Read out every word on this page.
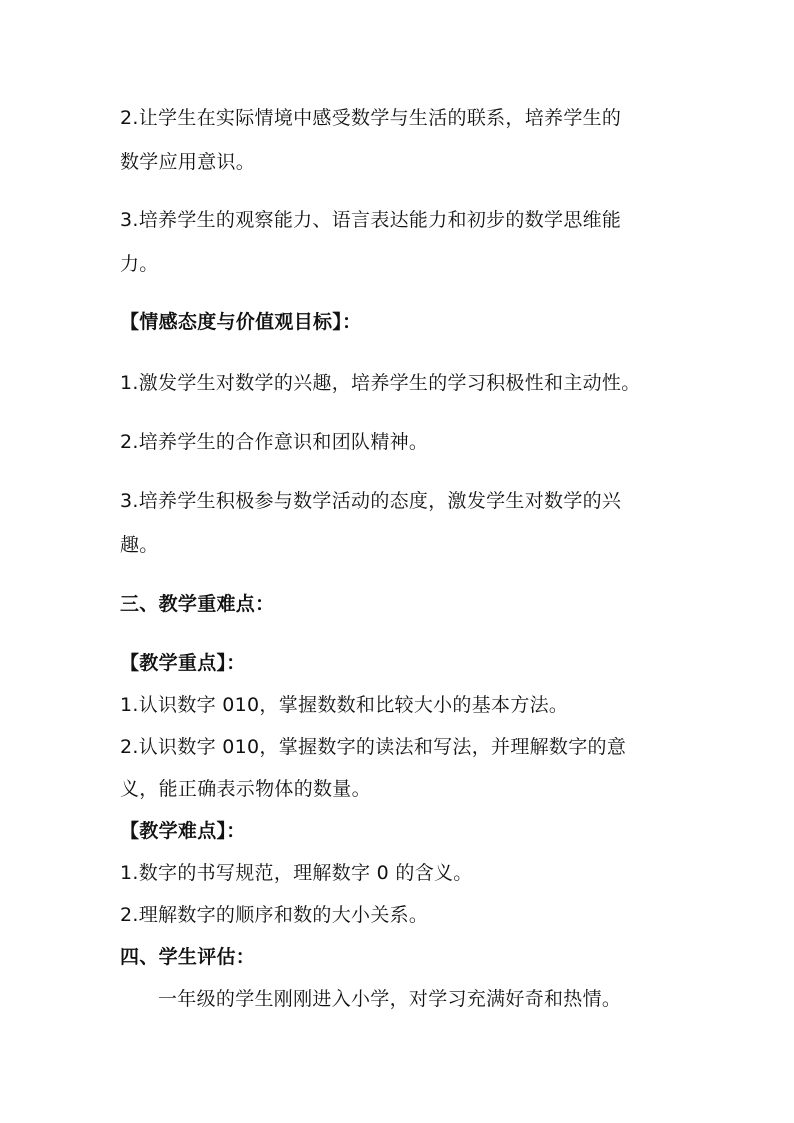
2.让学生在实际情境中感受数学与生活的联系，培养学生的
数学应用意识。
3.培养学生的观察能力、语言表达能力和初步的数学思维能
力。
【情感态度与价值观目标】：
1.激发学生对数学的兴趣，培养学生的学习积极性和主动性。
2.培养学生的合作意识和团队精神。
3.培养学生积极参与数学活动的态度，激发学生对数学的兴
趣。
三、教学重难点：
【教学重点】：
1.认识数字 010，掌握数数和比较大小的基本方法。
2.认识数字 010，掌握数字的读法和写法，并理解数字的意
义，能正确表示物体的数量。
【教学难点】：
1.数字的书写规范，理解数字 0 的含义。
2.理解数字的顺序和数的大小关系。
四、学生评估：
一年级的学生刚刚进入小学，对学习充满好奇和热情。
